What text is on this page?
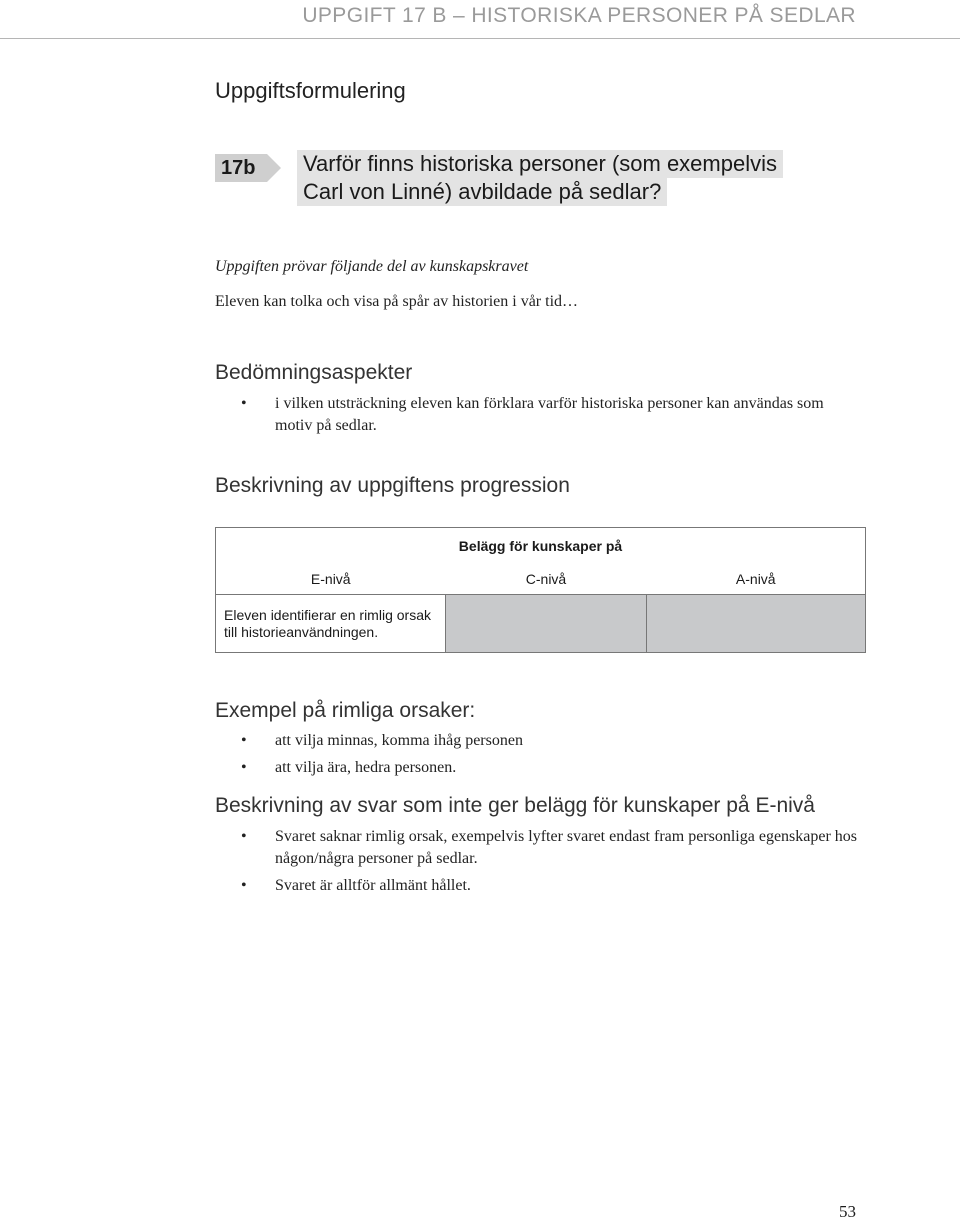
UPPGIFT 17 B – HISTORISKA PERSONER PÅ SEDLAR
Uppgiftsformulering
17b	Varför finns historiska personer (som exempelvis
Carl von Linné) avbildade på sedlar?

Uppgiften prövar följande del av kunskapskravet

Eleven kan tolka och visa på spår av historien i vår tid…

Bedömningsaspekter
• i vilken utsträckning eleven kan förklara varför historiska personer kan användas som motiv på sedlar.
Beskrivning av uppgiftens progression
Belägg för kunskaper på		
E-nivå	C-nivå	A-nivå
Eleven identifierar en rimlig orsak till historieanvändningen.		
Exempel på rimliga orsaker:
• att vilja minnas, komma ihåg personen
• att vilja ära, hedra personen.
Beskrivning av svar som inte ger belägg för kunskaper på E-nivå
• Svaret saknar rimlig orsak, exempelvis lyfter svaret endast fram personliga egenskaper hos någon/några personer på sedlar.
• Svaret är alltför allmänt hållet.
53
